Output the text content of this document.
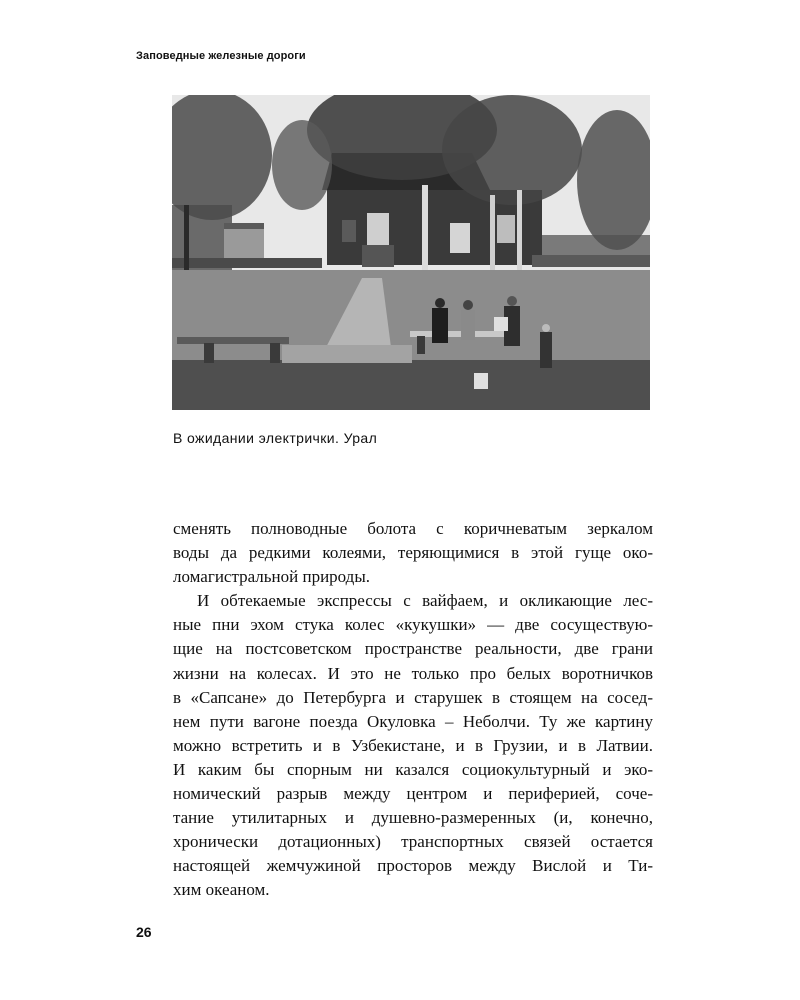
Заповедные железные дороги
В ожидании электрички. Урал
сменять полноводные болота с коричневатым зеркалом
воды да редкими колеями, теряющимися в этой гуще око-
ломагистральной природы.
И обтекаемые экспрессы с вайфаем, и окликающие лес-
ные пни эхом стука колес «кукушки» — две сосуществую-
щие на постсоветском пространстве реальности, две грани
жизни на колесах. И это не только про белых воротничков
в «Сапсане» до Петербурга и старушек в стоящем на сосед-
нем пути вагоне поезда Окуловка – Неболчи. Ту же картину
можно встретить и в Узбекистане, и в Грузии, и в Латвии.
И каким бы спорным ни казался социокультурный и эко-
номический разрыв между центром и периферией, соче-
тание утилитарных и душевно-размеренных (и, конечно,
хронически дотационных) транспортных связей остается
настоящей жемчужиной просторов между Вислой и Ти-
хим океаном.
26
